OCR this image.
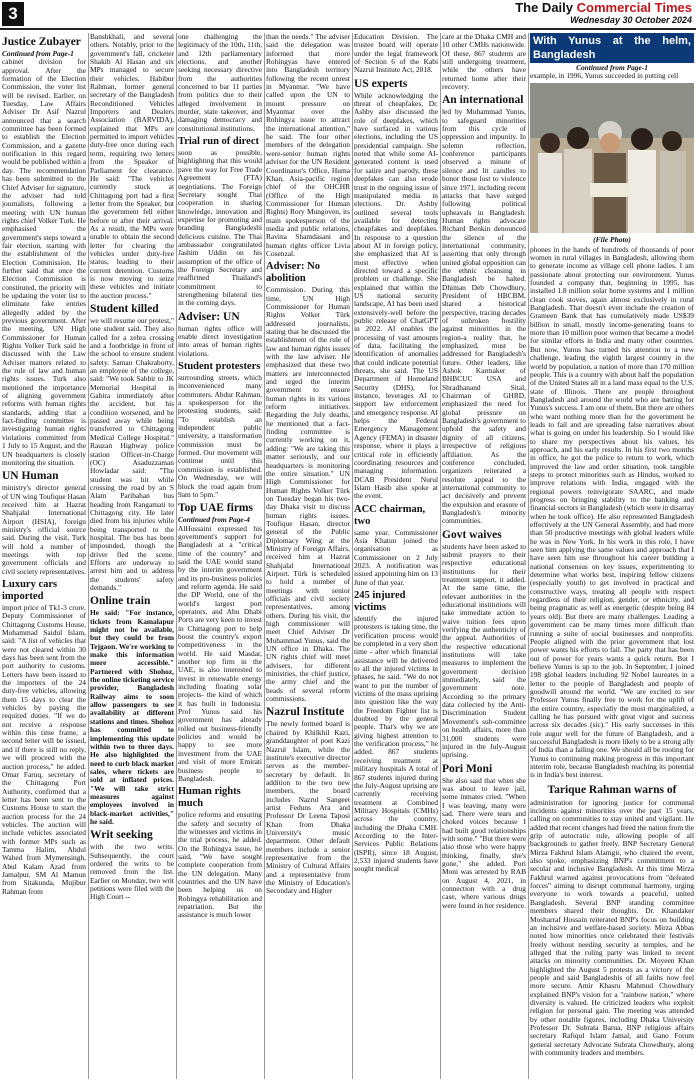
3	The Daily Commercial Times
Wednesday 30 October 2024
Justice Zubayer

Continued from Page-1

cabinet division for approval. After the formation of the Election Commission, the voter list will be revised. Earlier, on Tuesday, Law Affairs Adviser Dr Asif Nazrul announced that a search committee has been formed to establish the Election Commission, and a gazette notification in this regard would be published within a day. The recommendation has been submitted to the Chief Adviser for signature, the adviser had told journalists, following a meeting with UN human rights chief Volker Turk. He emphasised the government's steps toward a fair election, starting with the establishment of the Election Commission. He further said that once the Election Commission is constituted, the priority will be updating the voter list to eliminate fake entries allegedly added by the previous government. After the meeting, UN High Commissioner for Human Rights Volker Turk said he discussed with the Law Adviser matters related to the rule of law and human rights issues. Turk also mentioned the importance of aligning government reforms with human rights standards, adding that a fact-finding committee is investigating human rights violations committed from 1 July to 15 August, and the UN headquarters is closely monitoring the situation.

UN Human

ministry's director general of UN wing Toufique Hasan received him at Hazrat Shahjalal International Airport (HSIA), foreign ministry's official source said. During the visit, Turk will hold a number of meetings with top government officials and civil society representatives.

Luxury cars imported

import price of Tk1-3 crore. Deputy Commissioner of Chittagong Customs House, Mohammad Saidul Islam, said: "A list of vehicles that were not cleared within 30 days has been sent from the port authority to customs. Letters have been issued to the importers of the 24 duty-free vehicles, allowing them 15 days to clear the vehicles by paying the required duties. "If we do not receive a response within this time frame, a second letter will be issued, and if there is still no reply, we will proceed with the auction process," he added. Omar Faruq, secretary of the Chittagong Port Authority, confirmed that a letter has been sent to the Customs House to start the auction process for the 24 vehicles. The auction will include vehicles associated with former MPs such as Tamma Halim, Abdul Wahed from Mymensingh, Abul Kalam Azad from Jamalpur, SM Al Mamun from Sitakunda, Mujibur Rahman from

Banshkhali, and several others. Notably, prior to the government's fall, cricketer Shakib Al Hasan and six MPs managed to secure their vehicles. Habibur Rahman, former general secretary of the Bangladesh Reconditioned Vehicles Importers and Dealers Association (BARVIDA), explained that MPs are permitted to import vehicles duty-free once during each term, requiring two letters from the Speaker of Parliament for clearance. He said: "The vehicles currently stuck at Chittagong port had a first letter from the Speaker, but the government fell either before or after their arrival. As a result, the MPs were unable to obtain the second letter for clearing the vehicles under duty-free status, leading to their current detention. Customs is now moving to seize these vehicles and initiate the auction process."

Student killed

we will resume our protest," one student said. They also called for a zebra crossing and a footbridge in front of the school to ensure student safety. Saman Chakraborty, an employee of the college, said: "We took Sabbir to JK Memorial Hospital in Gabira immediately after the accident, but his condition worsened, and he passed away while being transferred to Chittagong Medical College Hospital." Rauzan Highway police station Officer-in-Charge (OC) Asaduzzaman Howladar said: "The student was hit while crossing the road by an S Alam Paribahan bus heading from Rangamati to Chittagong city. He later died from his injuries while being transported to the hospital. The bus has been impounded, though the driver fled the scene. Efforts are underway to arrest him and to address the students' safety demands."

Online train

He said: "For instance, tickets from Kamalapur might not be available, but they could be from Tejgaon. We're working to make this information more accessible." Partnered with Shohoz, the online ticketing service provider, Bangladesh Railway aims to soon allow passengers to see availability at different stations and times. Shohoz has committed to implementing this update within two to three days. He also highlighted the need to curb black market sales, where tickets are sold at inflated prices. "We will take strict measures against employees involved in black-market activities," he said.

Writ seeking

with the two writs. Subsequently, the court ordered the writs to be removed from the list. Earlier on Monday, two writ petitions were filed with the High Court --

one challenging the legitimacy of the 10th, 11th, and 12th parliamentary elections, and another seeking necessary directive from the authorities concerned to bar 11 parties from politics due to their alleged involvement in murder, state takeover, and damaging democracy and constitutional institutions.

Trial run of direct

soon as possible, highlighting that this would pave the way for Free Trade Agreement (FTA) negotiations. The Foreign Secretary sought Thai cooperation in sharing knowledge, innovation and expertise for promoting and branding Bangladeshi delicious cuisine. The Thai ambassador congratulated Jashim Uddin on his assumption of the office of the Foreign Secretary and reaffirmed Thailand's commitment to strengthening bilateral ties in the coming days.

Adviser: UN

human rights office will enable direct investigation into areas of human rights violations.

Student protesters

surrounding streets, which inconvenienced many commuters. Abdur Rahman, a spokesperson for the protesting students, said: "To establish an independent public university, a transformation commission must be formed. Our movement will continue until this commission is established. On Wednesday, we will block the road again from 9am to 5pm."

Top UAE firms

Continued from Page-4

AlHossaini expressed his government's support for Bangladesh at a "critical time of the country" and said the UAE would stand by the interim government and its pro-business policies and reform agenda. He said the DP World, one of the world's largest port operators, and Abu Dhabi Ports are very keen to invest in Chittagong port to help boost the country's export competitiveness in the world. He said Masdar, another top firm in the UAE, is also interested to invest in renewable energy including floating solar projects- the kind of which it has built in Indonesia. Prof Yunus said his government has already rolled out business-friendly policies and would be happy to see more investment from the UAE and visit of more Emirati business people to Bangladesh.

Human rights much

police reforms and ensuring the safety and security of the witnesses and victims in the trial process, he added. On the Rohingya issue, he said, "We have sought complete cooperation from the UN delegation. Many countries and the UN have been helping us on Rohingya rehabilitation and repatriation. But the assistance is much lower

than the needs." The adviser said the delegation was informed that more Rohingyas have entered into Bangladesh territory following the recent unrest in Myanmar. "We have called upon the UN to mount pressure on Myanmar over the Rohingya issue to attract the international attention," he said. The four other members of the delegation were-senior human rights advisor for the UN Resident Coordinator's Office, Huma Khan, Asia-pacific region chief of the OHCHR (Office of the High Commissioner for Human Rights) Rory Mungoven, its main spokesperson of the media and public relations, Ravina Shamdasani and human rights officer Livia Cosenzal.

Adviser: No abolition

Commission. During this time, UN High Commissioner for Human Rights Volker Türk addressed journalists, stating that he discussed the establishment of the rule of law and human rights issues with the law adviser. He emphasized that these two matters are interconnected and urged the interim government to ensure human rights in its various reform initiatives. Regarding the July deaths, he mentioned that a fact-finding committee is currently working on it, adding: "We are taking this matter seriously, and our headquarters is monitoring the entire situation." UN High Commissioner for Human Rights Volker Türk on Tuesday began his two-day Dhaka visit to discuss human rights issues. Toufique Hasan, director general of the Public Diplomacy Wing at the Ministry of Foreign Affairs, received him at Hazrat Shahjalal International Airport. Türk is scheduled to hold a number of meetings with senior officials and civil society representatives, among others. During his visit, the high commissioner will meet Chief Adviser Dr Muhammad Yunus, said the UN office in Dhaka. The UN rights chief will meet advisers, for different ministries, the chief justice, the army chief and the heads of several reform commissions.

Nazrul Institute

The newly formed board is chaired by Khilkhil Kazi, granddaughter of poet Kazi Nazrul Islam, while the institute's executive director serves as the member-secretary by default. In addition to the two new members, the board includes Nazrul Sangeet artist Feduns Ara and Professor Dr Leena Taposi Khan from Dhaka University's music department. Other default members include a senior representative from the Ministry of Cultural Affairs and a representative from the Ministry of Education's Secondary and Higher

Education Division. The trustee board will operate under the legal framework of Section 6 of the Kabi Nazrul Institute Act, 2018.

US experts

While acknowledging the threat of cheapfakes, Dr. Ashby also discussed the role of deepfakes, which have surfaced in various elections, including the US presidential campaign. She noted that while some AI-generated content is used for satire and parody, these deepfakes can also erode trust in the ongoing issue of manipulated media in elections. Dr. Ashby outlined several tools available for detecting cheapfakes and deepfakes. In response to a question about AI in foreign policy, she emphasized that AI is most effective when directed toward a specific problem or challenge. She explained that within the US national security landscape, AI has been used extensively-well before the public release of ChatGPT in 2022. AI enables the processing of vast amounts of data, facilitating the identification of anomalies that could indicate potential threats, she said. The US Department of Homeland Security (DHS), for instance, leverages AI to support law enforcement and emergency response. AI helps the Federal Emergency Management Agency (FEMA) in disaster response, where it plays a critical role in efficiently coordinating resources and managing information. DCAB President Nurul Islam Hasib also spoke at the event.

ACC chairman, two

same year. Commissioner Asia Khatun joined the organisation as Commissioner on 2 July 2023. A notification was issued appointing him on 13 June of that year.

245 injured victims

identify the injured protesters is taking time, the verification process would be completed in a very short time - after which financial assistance will be delivered to all the injured victims in phases, he said. "We do not want to put the number of victims of the mass uprising into question like the way the Freedom Fighter list is doubted by the general people. That's why we are giving highest attention to the verification process," he added. 867 students receiving treatment at military hospitals A total of 867 students injured during the July-August uprising are currently receiving treatment at Combined Military Hospitals (CMHs) across the country, including the Dhaka CMH. According to the Inter-Services Public Relations (ISPR), since 18 August, 2,533 injured students have sought medical

care at the Dhaka CMH and 10 other CMHs nationwide. Of these, 867 students are still undergoing treatment, while the others have returned home after their recovery.

An international

led by Muhammad Yunus, to safeguard minorities from this cycle of oppression and impunity. In solemn reflection, conference participants observed a minute of silence and lit candles to honor those lost to violence since 1971, including recent attacks that have surged following political upheavals in Bangladesh. Human rights advocate Richard Benkin denounced the silence of the international community, asserting that only through united global opposition can the ethnic cleansing in Bangladesh be halted. Dhiman Deb Chowdhury, President of HBCBM, shared a historical perspective, tracing decades of unbroken hostility against minorities in the region-a reality that, he emphasized, must be addressed for Bangladesh's future. Other leaders, like Ashok Karmaker of BHBCUC USA and Shradhanand Sital, Chairman of GHRD, emphasized the need for global pressure on Bangladesh's government to uphold the safety and dignity of all citizens, irrespective of religious affiliation. As the conference concluded, organizers reiterated a resolute appeal to the international community to act decisively and prevent the expulsion and erasure of Bangladesh's minority communities.

Govt waives

students have been asked to submit prayers to their respective educational institutions for their treatment support, it added. At the same time, the relevant authorities in the educational institutions will take immediate action to waive tuition fees upon verifying the authenticity of the appeal. Authorities of the respective educational institutions will take measures to implement the government decision immediately, said the government note. According to the primary data collected by the Anti-Discrimination Student Movement's sub-committee on health affairs, more than 31,000 students were injured in the July-August uprising.

Pori Moni

She also said that when she was about to leave jail, some inmates cried. "When I was leaving, many were sad. There were tears and choked voices because I had built good relationships with some." "But there were also those who were happy thinking, finally, she's gone," she added. Pori Moni was arrested by RAB on August 4, 2021, in connection with a drug case, where various drugs were found in her residence.

With Yunus at the helm, Bangladesh

Continued from Page-1

example, in 1996, Yunus succeeded in putting cell

(File Photo)

phones in the hands of hundreds of thousands of poor women in rural villages in Bangladesh, allowing them to generate income as village cell phone ladies. I am passionate about protecting our environment. Yunus founded a company that, beginning in 1995, has installed 1.8 million solar home systems and 1 million clean cook stoves, again almost exclusively in rural Bangladesh. That doesn't even include the creation of Grameen Bank that has cumulatively made US$39 billion in small, mostly income-generating loans to more than 10 million poor women that became a model for similar efforts in India and many other countries. But now, Yunus has turned his attention to a new challenge, leading the eighth largest country in the world by population, a nation of more than 170 million people. This is a country with about half the population of the United States all in a land mass equal to the U.S. state of Illinois. There are people throughout Bangladesh and around the world who are batting for Yunus's success. I am one of them. But there are others who want nothing more than for the government he leads to fail and are spreading false narratives about what is going on under his leadership. So I would like to share my perspectives about his values, his approach, and his early results. In his first two months in office, he got the police to return to work, which improved the law and order situation, took tangible steps to protect minorities such as Hindus, worked to improve relations with India, engaged with the regional powers reinvigorate SAARC, and made progress on bringing stability to the banking and financial sectors in Bangladesh (which were in disarray when he took office). He also represented Bangladesh effectively at the UN General Assembly, and had more than 50 productive meetings with global leaders while he was in New York. In his work in this role, I have seen him applying the same values and approach that I have seen him use throughout his career building a national consensus on key issues, experimenting to determine what works best, inspiring fellow citizens (especially youth) to get involved in practical and constructive ways, treating all people with respect regardless of their religion, gender, or ethnicity, and being pragmatic as well as energetic (despite being 84 years old). But there are many challenges. Leading a government can be many times more difficult than running a suite of social businesses and nonprofits. People aligned with the prior government that lost power wants his efforts to fail. The party that has been out of power for years wants a quick return. But I believe Yunus is up to the job. In September, I joined 198 global leaders including 92 Nobel laureates in a letter to the people of Bangladesh and people of goodwill around the world. "We are excited to see Professor Yunus finally free to work for the uplift of the entire country, especially the most marginalized, a calling he has pursued with great vigor and success across six decades (sic)." His early successes in this role augur well for the future of Bangladesh, and a successful Bangladesh is more likely to be a strong ally of India than a failing one. We should all be rooting for Yunus to continuing making progress in this important interim role, because Bangladesh reaching its potential is in India's best interest.

Tarique Rahman warns of

administration for ignoring justice for communal incidents against minorities over the past 15 years, calling on communities to stay united and vigilant. He added that recent changes had freed the nation from the grip of autocratic rule, allowing people of all backgrounds to gather freely. BNP Secretary General Mirza Fakhrul Islam Alamgir, who chaired the event, also spoke, emphasizing BNP's commitment to a secular and inclusive Bangladesh. At this time Mirza Fakhrul warned against provocations from "defeated forces" aiming to disrupt communal harmony, urging everyone to work towards a peaceful, united Bangladesh. Several BNP standing committee members shared their thoughts. Dr. Khandaker Mosharraf Hossain reiterated BNP's focus on building an inclusive and welfare-based society. Mirza Abbas noted how minorities once celebrated their festivals freely without needing security at temples, and he alleged that the ruling party was linked to recent attacks on minority communities. Dr. Moyeen Khan highlighted the August 5 protests as a victory of the people and said Bangladeshis of all faiths now feel more secure. Amir Khasru Mahmud Chowdhury explained BNP's vision for a "rainbow nation," where diversity is valued. He criticized leaders who exploit religion for personal gain. The meeting was attended by other notable figures, including Dhaka University Professor Dr. Subrata Barua, BNP religious affairs secretary Rafiqul Islam Jamal, and Gano Forum general secretary Advocate Subrata Chowdhury, along with community leaders and members.
